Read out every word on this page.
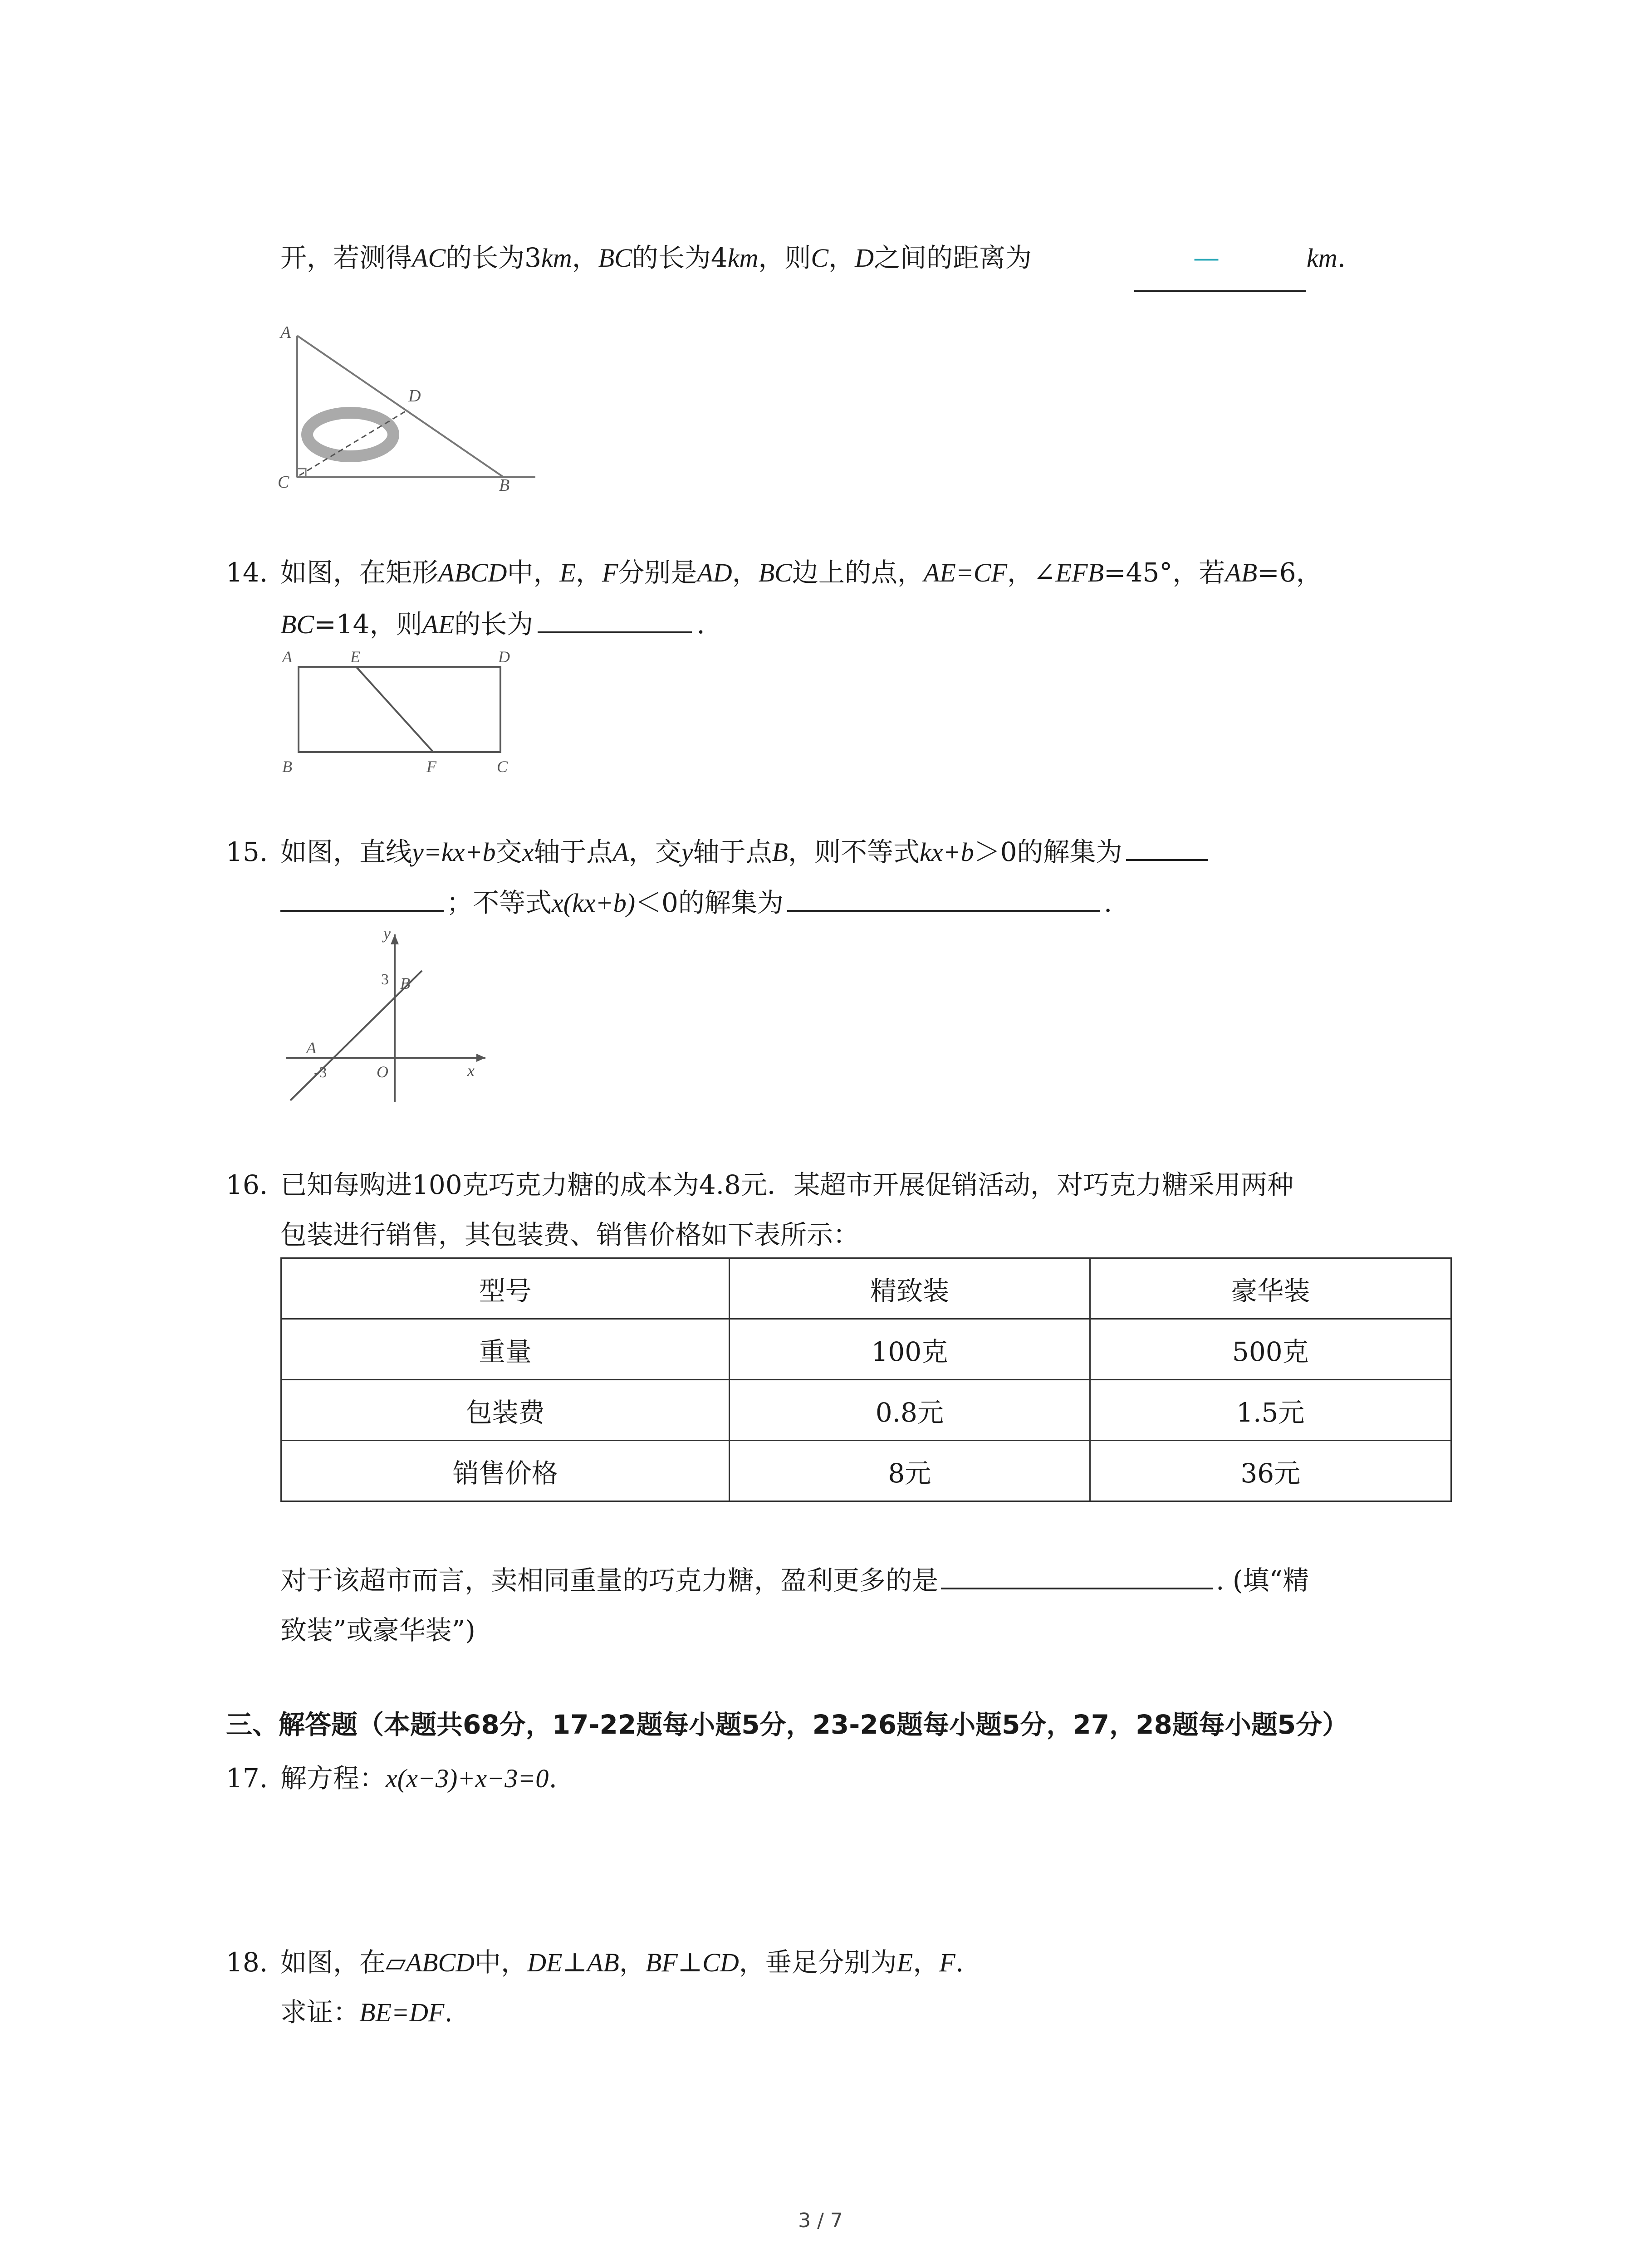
开，若测得AC的长为3km，BC的长为4km，则C，D之间的距离为	—	km.
A
C	B
D
14. 如图，在矩形ABCD中，E，F分别是AD，BC边上的点，AE=CF，∠EFB=45°，若AB=6，
BC=14，则AE的长为	.
A	E	D
B	F	C
15. 如图，直线y=kx+b交x轴于点A，交y轴于点B，则不等式kx+b＞0的解集为
；不等式x(kx+b)＜0的解集为	.
y
x
O
A
B
3
-3
16. 已知每购进100克巧克力糖的成本为4.8元．某超市开展促销活动，对巧克力糖采用两种
包装进行销售，其包装费、销售价格如下表所示：
型号	精致装	豪华装
重量	100克	500克
包装费	0.8元	1.5元
销售价格	8元	36元
对于该超市而言，卖相同重量的巧克力糖，盈利更多的是	. (填“精
致装”或豪华装”)
三、解答题（本题共68分，17-22题每小题5分，23-26题每小题5分，27，28题每小题5分）
17. 解方程：x(x−3)+x−3=0.
18. 如图，在▱ABCD中，DE⊥AB，BF⊥CD，垂足分别为E，F.
求证：BE=DF.
3 / 7
